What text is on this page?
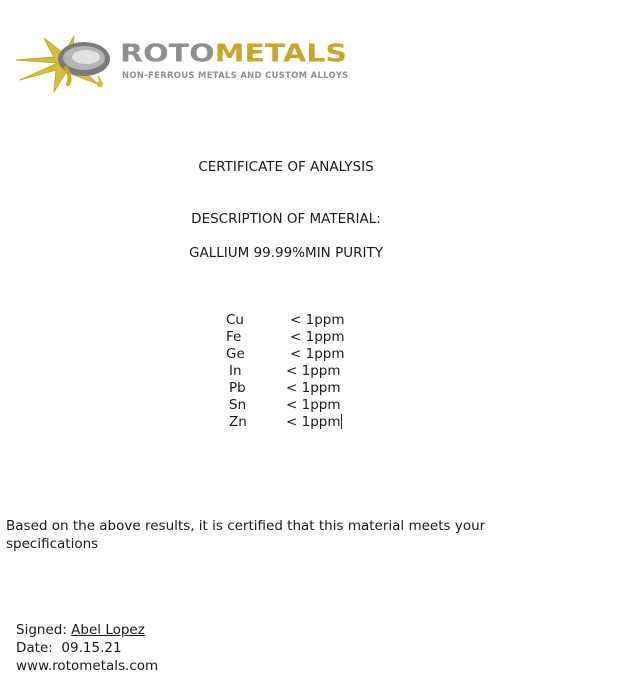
ROTOMETALS
NON-FERROUS METALS AND CUSTOM ALLOYS
CERTIFICATE OF ANALYSIS
DESCRIPTION OF MATERIAL:
GALLIUM 99.99%MIN PURITY
Cu	< 1ppm
Fe	< 1ppm
Ge	< 1ppm
In	< 1ppm
Pb	< 1ppm
Sn	< 1ppm
Zn	< 1ppm
Based on the above results, it is certified that this material meets your specifications
Signed: Abel Lopez
Date: 09.15.21
www.rotometals.com
